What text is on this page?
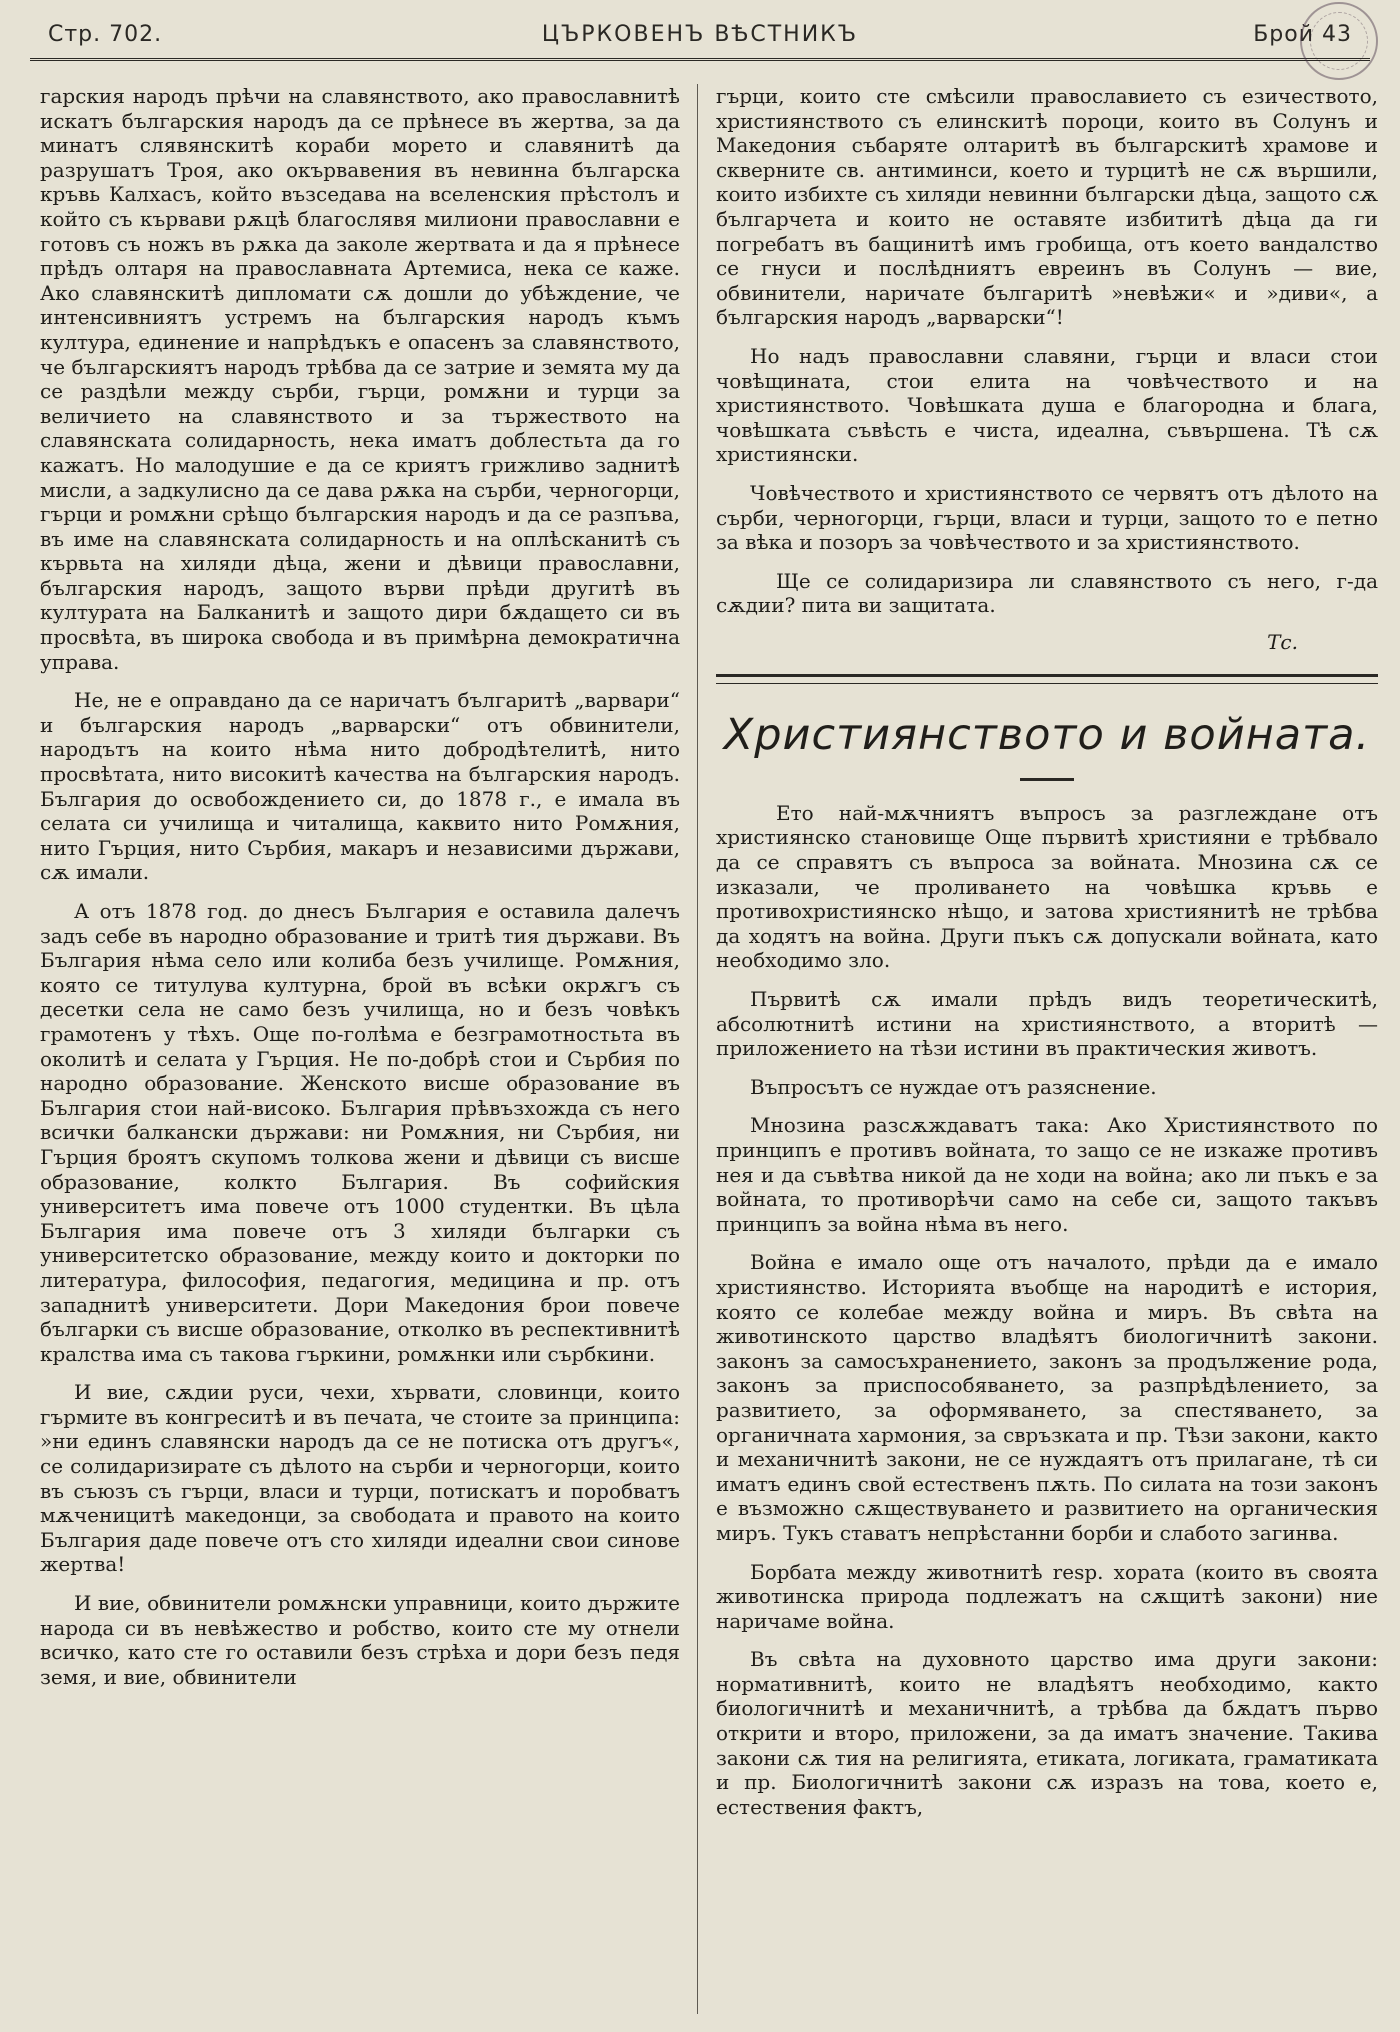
Стр. 702.	ЦЪРКОВЕНЪ ВѢСТНИКЪ	Брой 43

гарския народъ прѣчи на славянството, ако православнитѣ искатъ българския народъ да се прѣнесе въ жертва, за да минатъ слявянскитѣ кораби морето и славянитѣ да разрушатъ Троя, ако окървавения въ невинна българска кръвь Калхасъ, който възседава на вселенския прѣстолъ и който съ кървави рѫцѣ благослявя милиони православни е готовъ съ ножъ въ рѫка да заколе жертвата и да я прѣнесе прѣдъ олтаря на православната Артемиса, нека се каже. Ако славянскитѣ дипломати сѫ дошли до убѣждение, че интенсивниятъ устремъ на българския народъ къмъ култура, единение и напрѣдъкъ е опасенъ за славянството, че българскиятъ народъ трѣбва да се затрие и земята му да се раздѣли между сърби, гърци, ромѫни и турци за величието на славянството и за тържеството на славянската солидарность, нека иматъ доблестьта да го кажатъ. Но малодушие е да се криятъ грижливо заднитѣ мисли, а задкулисно да се дава рѫка на сърби, черногорци, гърци и ромѫни срѣщо българския народъ и да се разпъва, въ име на славянската солидарность и на оплѣсканитѣ съ кървьта на хиляди дѣца, жени и дѣвици православни, българския народъ, защото върви прѣди другитѣ въ културата на Балканитѣ и защото дири бѫдащето си въ просвѣта, въ широка свобода и въ примѣрна демократична управа.

Не, не е оправдано да се наричатъ българитѣ „варвари“ и българския народъ „варварски“ отъ обвинители, народътъ на които нѣма нито добродѣтелитѣ, нито просвѣтата, нито високитѣ качества на българския народъ. България до освобождението си, до 1878 г., е имала въ селата си училища и читалища, каквито нито Ромѫния, нито Гърция, нито Сърбия, макаръ и независими държави, сѫ имали.

А отъ 1878 год. до днесъ България е оставила далечъ задъ себе въ народно образование и тритѣ тия държави. Въ България нѣма село или колиба безъ училище. Ромѫния, която се титулува културна, брой въ всѣки окрѫгъ съ десетки села не само безъ училища, но и безъ човѣкъ грамотенъ у тѣхъ. Още по-голѣма е безграмотностьта въ околитѣ и селата у Гърция. Не по-добрѣ стои и Сърбия по народно образование. Женското висше образование въ България стои най-високо. България прѣвъзхожда съ него всички балкански държави: ни Ромѫния, ни Сърбия, ни Гърция броятъ скупомъ толкова жени и дѣвици съ висше образование, колкто България. Въ софийския университетъ има повече отъ 1000 студентки. Въ цѣла България има повече отъ 3 хиляди българки съ университетско образование, между които и докторки по литература, философия, педагогия, медицина и пр. отъ западнитѣ университети. Дори Македония брои повече българки съ висше образование, отколко въ респективнитѣ кралства има съ такова гъркини, ромѫнки или сърбкини.

И вие, сѫдии руси, чехи, хървати, словинци, които гърмите въ конгреситѣ и въ печата, че стоите за принципа: »ни единъ славянски народъ да се не потиска отъ другъ«, се солидаризирате съ дѣлото на сърби и черногорци, които въ съюзъ съ гърци, власи и турци, потискатъ и поробватъ мѫченицитѣ македонци, за свободата и правото на които България даде повече отъ сто хиляди идеални свои синове жертва!

И вие, обвинители ромѫнски управници, които държите народа си въ невѣжество и робство, които сте му отнели всичко, като сте го оставили безъ стрѣха и дори безъ педя земя, и вие, обвинители

гърци, които сте смѣсили православието съ езичеството, християнството съ елинскитѣ пороци, които въ Солунъ и Македония събаряте олтаритѣ въ българскитѣ храмове и скверните св. антиминси, което и турцитѣ не сѫ вършили, които избихте съ хиляди невинни български дѣца, защото сѫ българчета и които не оставяте избититѣ дѣца да ги погребатъ въ бащинитѣ имъ гробища, отъ което вандалство се гнуси и послѣдниятъ евреинъ въ Солунъ — вие, обвинители, наричате българитѣ »невѣжи« и »диви«, а българския народъ „варварски“!

Но надъ православни славяни, гърци и власи стои човѣщината, стои елита на човѣчеството и на християнството. Човѣшката душа е благородна и блага, човѣшката съвѣсть е чиста, идеална, съвършена. Тѣ сѫ християнски.

Човѣчеството и християнството се червятъ отъ дѣлото на сърби, черногорци, гърци, власи и турци, защото то е петно за вѣка и позоръ за човѣчеството и за християнството.

Ще се солидаризира ли славянството съ него, г-да сѫдии? пита ви защитата.

Тс.
Християнството и войната.

Ето най-мѫчниятъ въпросъ за разглеждане отъ християнско становище Още първитѣ християни е трѣбвало да се справятъ съ въпроса за войната. Мнозина сѫ се изказали, че проливането на човѣшка кръвь е противохристиянско нѣщо, и затова християнитѣ не трѣбва да ходятъ на война. Други пъкъ сѫ допускали войната, като необходимо зло.

Първитѣ сѫ имали прѣдъ видъ теоретическитѣ, абсолютнитѣ истини на християнството, а вторитѣ — приложението на тѣзи истини въ практическия животъ.

Въпросътъ се нуждае отъ разяснение.

Мнозина разсѫждаватъ така: Ако Християнството по принципъ е противъ войната, то защо се не изкаже противъ нея и да съвѣтва никой да не ходи на война; ако ли пъкъ е за войната, то противорѣчи само на себе си, защото такъвъ принципъ за война нѣма въ него.

Война е имало още отъ началото, прѣди да е имало християнство. Историята въобще на народитѣ е история, която се колебае между война и миръ. Въ свѣта на животинското царство владѣятъ биологичнитѣ закони. законъ за самосъхранението, законъ за продължение рода, законъ за приспособяването, за разпрѣдѣлението, за развитието, за оформяването, за спестяването, за органичната хармония, за свръзката и пр. Тѣзи закони, както и механичнитѣ закони, не се нуждаятъ отъ прилагане, тѣ си иматъ единъ свой естественъ пѫть. По силата на този законъ е възможно сѫществуването и развитието на органическия миръ. Тукъ ставатъ непрѣстанни борби и слабото загинва.

Борбата между животнитѣ resp. хората (които въ своята животинска природа подлежатъ на сѫщитѣ закони) ние наричаме война.

Въ свѣта на духовното царство има други закони: нормативнитѣ, които не владѣятъ необходимо, както биологичнитѣ и механичнитѣ, а трѣбва да бѫдатъ първо открити и второ, приложени, за да иматъ значение. Такива закони сѫ тия на религията, етиката, логиката, граматиката и пр. Биологичнитѣ закони сѫ изразъ на това, което е, естествения фактъ,
